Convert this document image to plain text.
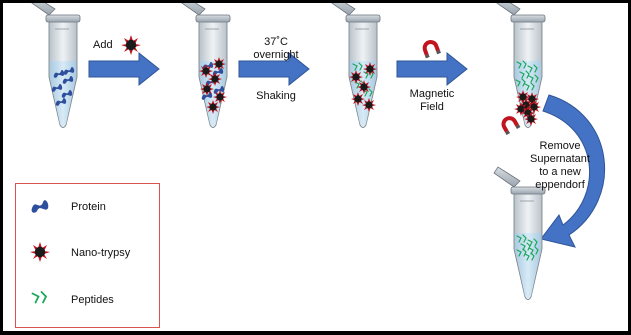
Add	37˚C
overnight
Shaking	Magnetic
Field
Remove
Supernatant
to a new
eppendorf
Protein
Nano-trypsy
Peptides
